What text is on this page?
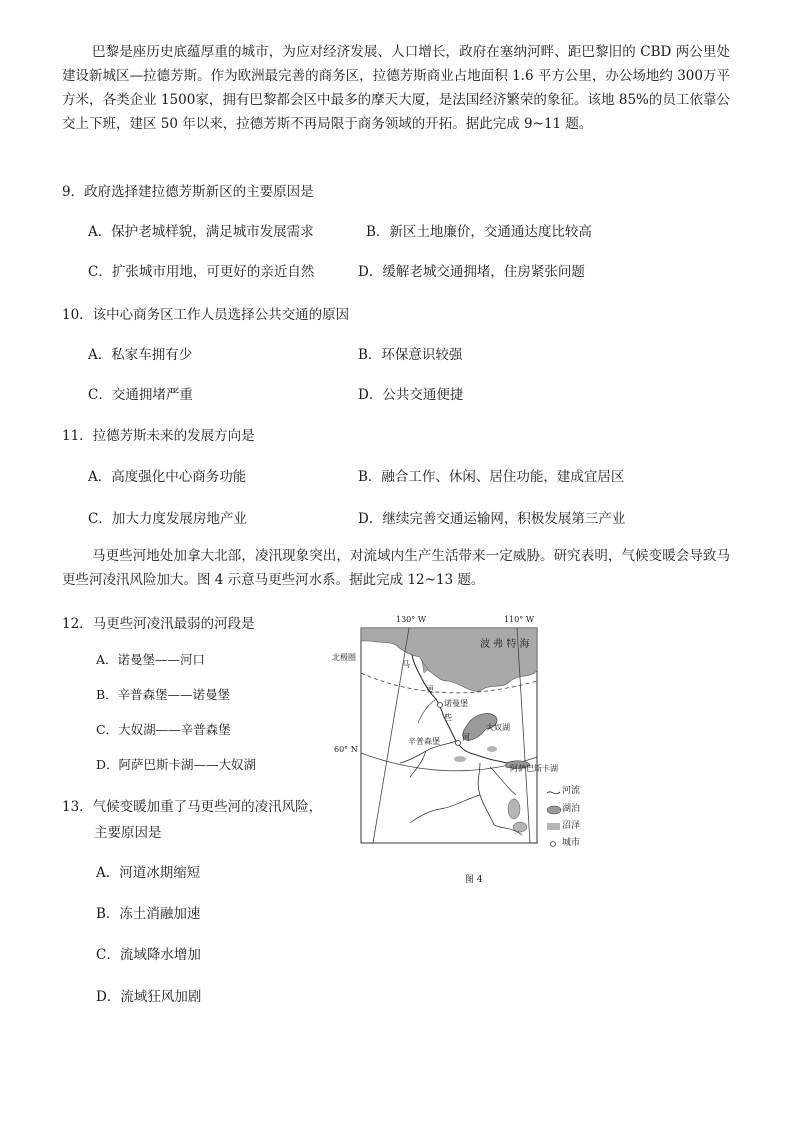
巴黎是座历史底蕴厚重的城市，为应对经济发展、人口增长，政府在塞纳河畔、距巴黎旧的 CBD 两公里处建设新城区—拉德芳斯。作为欧洲最完善的商务区，拉德芳斯商业占地面积 1.6 平方公里，办公场地约 300万平方米，各类企业 1500家，拥有巴黎都会区中最多的摩天大厦，是法国经济繁荣的象征。该地 85%的员工依靠公交上下班，建区 50 年以来，拉德芳斯不再局限于商务领域的开拓。据此完成 9~11 题。
9．政府选择建拉德芳斯新区的主要原因是
A．保护老城样貌，满足城市发展需求	B．新区土地廉价，交通通达度比较高
C．扩张城市用地，可更好的亲近自然	D．缓解老城交通拥堵，住房紧张问题
10．该中心商务区工作人员选择公共交通的原因
A．私家车拥有少	B．环保意识较强
C．交通拥堵严重	D．公共交通便捷
11．拉德芳斯未来的发展方向是
A．高度强化中心商务功能	B．融合工作、休闲、居住功能，建成宜居区
C．加大力度发展房地产业	D．继续完善交通运输网，积极发展第三产业
马更些河地处加拿大北部，凌汛现象突出，对流域内生产生活带来一定威胁。研究表明，气候变暖会导致马更些河凌汛风险加大。图 4 示意马更些河水系。据此完成 12~13 题。
12．马更些河凌汛最弱的河段是
A．诺曼堡——河口
B．辛普森堡——诺曼堡
C．大奴湖——辛普森堡
D．阿萨巴斯卡湖——大奴湖
13．气候变暖加重了马更些河的凌汛风险，
主要原因是
A．河道冰期缩短
B．冻土消融加速
C．流域降水增加
D．流域狂风加剧
130° W	110° W
波 弗 特 海
北极圈
60° N
马
更
些
河
诺曼堡
大奴湖
辛普森堡
阿萨巴斯卡湖
河流
湖泊
沼泽
城市
图 4
